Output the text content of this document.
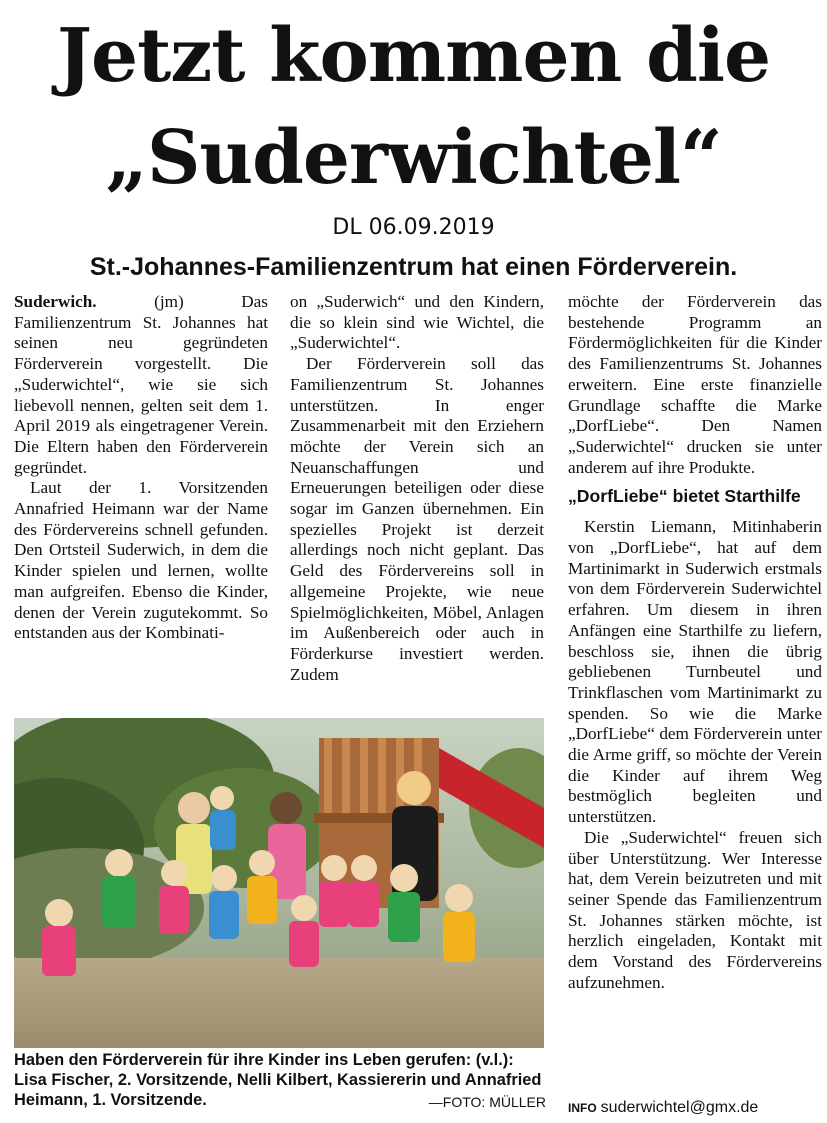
Jetzt kommen die
„Suderwichtel“
DL 06.09.2019
St.-Johannes-Familienzentrum hat einen Förderverein.

Suderwich.	(jm) Das Familienzentrum St. Johannes hat seinen neu gegründeten Förderverein vorgestellt. Die „Suderwichtel“, wie sie sich liebevoll nennen, gelten seit dem 1. April 2019 als eingetragener Verein. Die Eltern haben den Förderverein gegründet.

Laut der 1. Vorsitzenden Annafried Heimann war der Name des Fördervereins schnell gefunden. Den Ortsteil Suderwich, in dem die Kinder spielen und lernen, wollte man aufgreifen. Ebenso die Kinder, denen der Verein zugutekommt. So entstanden aus der Kombinati-

on „Suderwich“ und den Kindern, die so klein sind wie Wichtel, die „Suderwichtel“.

Der Förderverein soll das Familienzentrum St. Johannes unterstützen. In enger Zusammenarbeit mit den Erziehern möchte der Verein sich an Neuanschaffungen und Erneuerungen beteiligen oder diese sogar im Ganzen übernehmen. Ein spezielles Projekt ist derzeit allerdings noch nicht geplant. Das Geld des Fördervereins soll in allgemeine Projekte, wie neue Spielmöglichkeiten, Möbel, Anlagen im Außenbereich oder auch in Förderkurse investiert werden. Zudem

möchte der Förderverein das bestehende Programm an Fördermöglichkeiten für die Kinder des Familienzentrums St. Johannes erweitern. Eine erste finanzielle Grundlage schaffte die Marke „DorfLiebe“. Den Namen „Suderwichtel“ drucken sie unter anderem auf ihre Produkte.

„DorfLiebe“ bietet Starthilfe

Kerstin Liemann, Mitinhaberin von „DorfLiebe“, hat auf dem Martinimarkt in Suderwich erstmals von dem Förderverein Suderwichtel erfahren. Um diesem in ihren Anfängen eine Starthilfe zu liefern, beschloss sie, ihnen die übrig gebliebenen Turnbeutel und Trinkflaschen vom Martinimarkt zu spenden. So wie die Marke „DorfLiebe“ dem Förderverein unter die Arme griff, so möchte der Verein die Kinder auf ihrem Weg bestmöglich begleiten und unterstützen.

Die „Suderwichtel“ freuen sich über Unterstützung. Wer Interesse hat, dem Verein beizutreten und mit seiner Spende das Familienzentrum St. Johannes stärken möchte, ist herzlich eingeladen, Kontakt mit dem Vorstand des Fördervereins aufzunehmen.

Haben den Förderverein für ihre Kinder ins Leben gerufen: (v.l.): Lisa Fischer, 2. Vorsitzende, Nelli Kilbert, Kassiererin und Annafried Heimann, 1. Vorsitzende.	—FOTO: MÜLLER INFO suderwichtel@gmx.de
